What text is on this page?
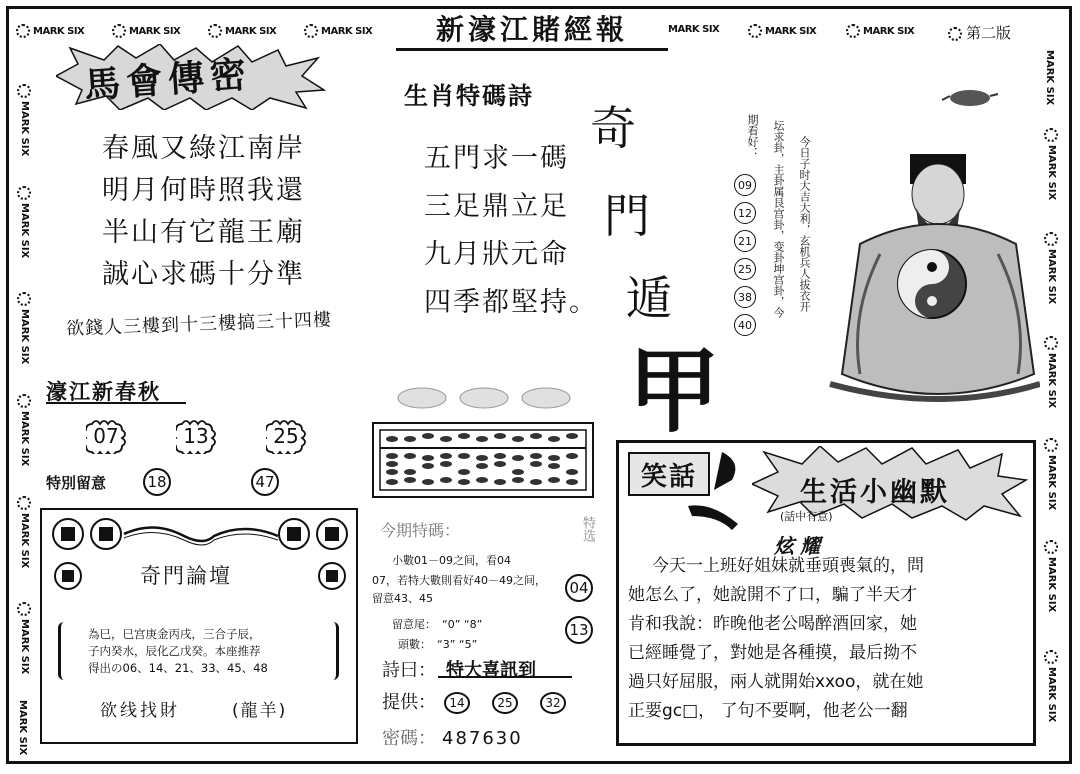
MARK SIX	MARK SIX	MARK SIX	MARK SIX	MARK SIX	MARK SIX	MARK SIX
新濠江賭經報	第二版
MARK SIX
MARK SIX
MARK SIX
MARK SIX
MARK SIX
MARK SIX
MARK SIX
MARK SIX
MARK SIX
MARK SIX
MARK SIX
MARK SIX
MARK SIX
MARK SIX
馬會傳密
春風又綠江南岸
明月何時照我還
半山有它龍王廟
誠心求碼十分準
欲錢人三樓到十三樓搞三十四樓
生肖特碼詩
五門求一碼
三足鼎立足
九月狀元命
四季都堅持。
奇
門
遁
甲
今日子时大吉大利，玄机兵人拔衣开
坛求卦，主卦属艮宫卦，变卦坤宫卦，今
期看好：
09
12
21
25
38
40
濠江新春秋
07	13	25
特別留意	18	47
奇門論壇
為巳，巳宫庚金丙戌，三合子辰，
子内癸水，辰化乙戊癸。本座推荐
得出の06、14、21、33、45、48
欲线找財	(龍羊)
今期特碼：	特选
小數01－09之间，看04
07，若特大數則看好40－49之间，
留意43、45
留意尾： “0” “8”
頭數： “3” “5”
04
13
詩曰： 特大喜訊到
提供：	14	25	32
密碼： 487630
笑話
生活小幽默
(話中有意)
炫耀
今天一上班好姐妹就垂頭喪氣的，問
她怎么了，她說開不了口，騙了半天才
肯和我說：昨晚他老公喝醉酒回家，她
已經睡覺了，對她是各種摸，最后拗不
過只好屈服，兩人就開始xxoo，就在她
正要gc□， 了句不要啊，他老公一翻
